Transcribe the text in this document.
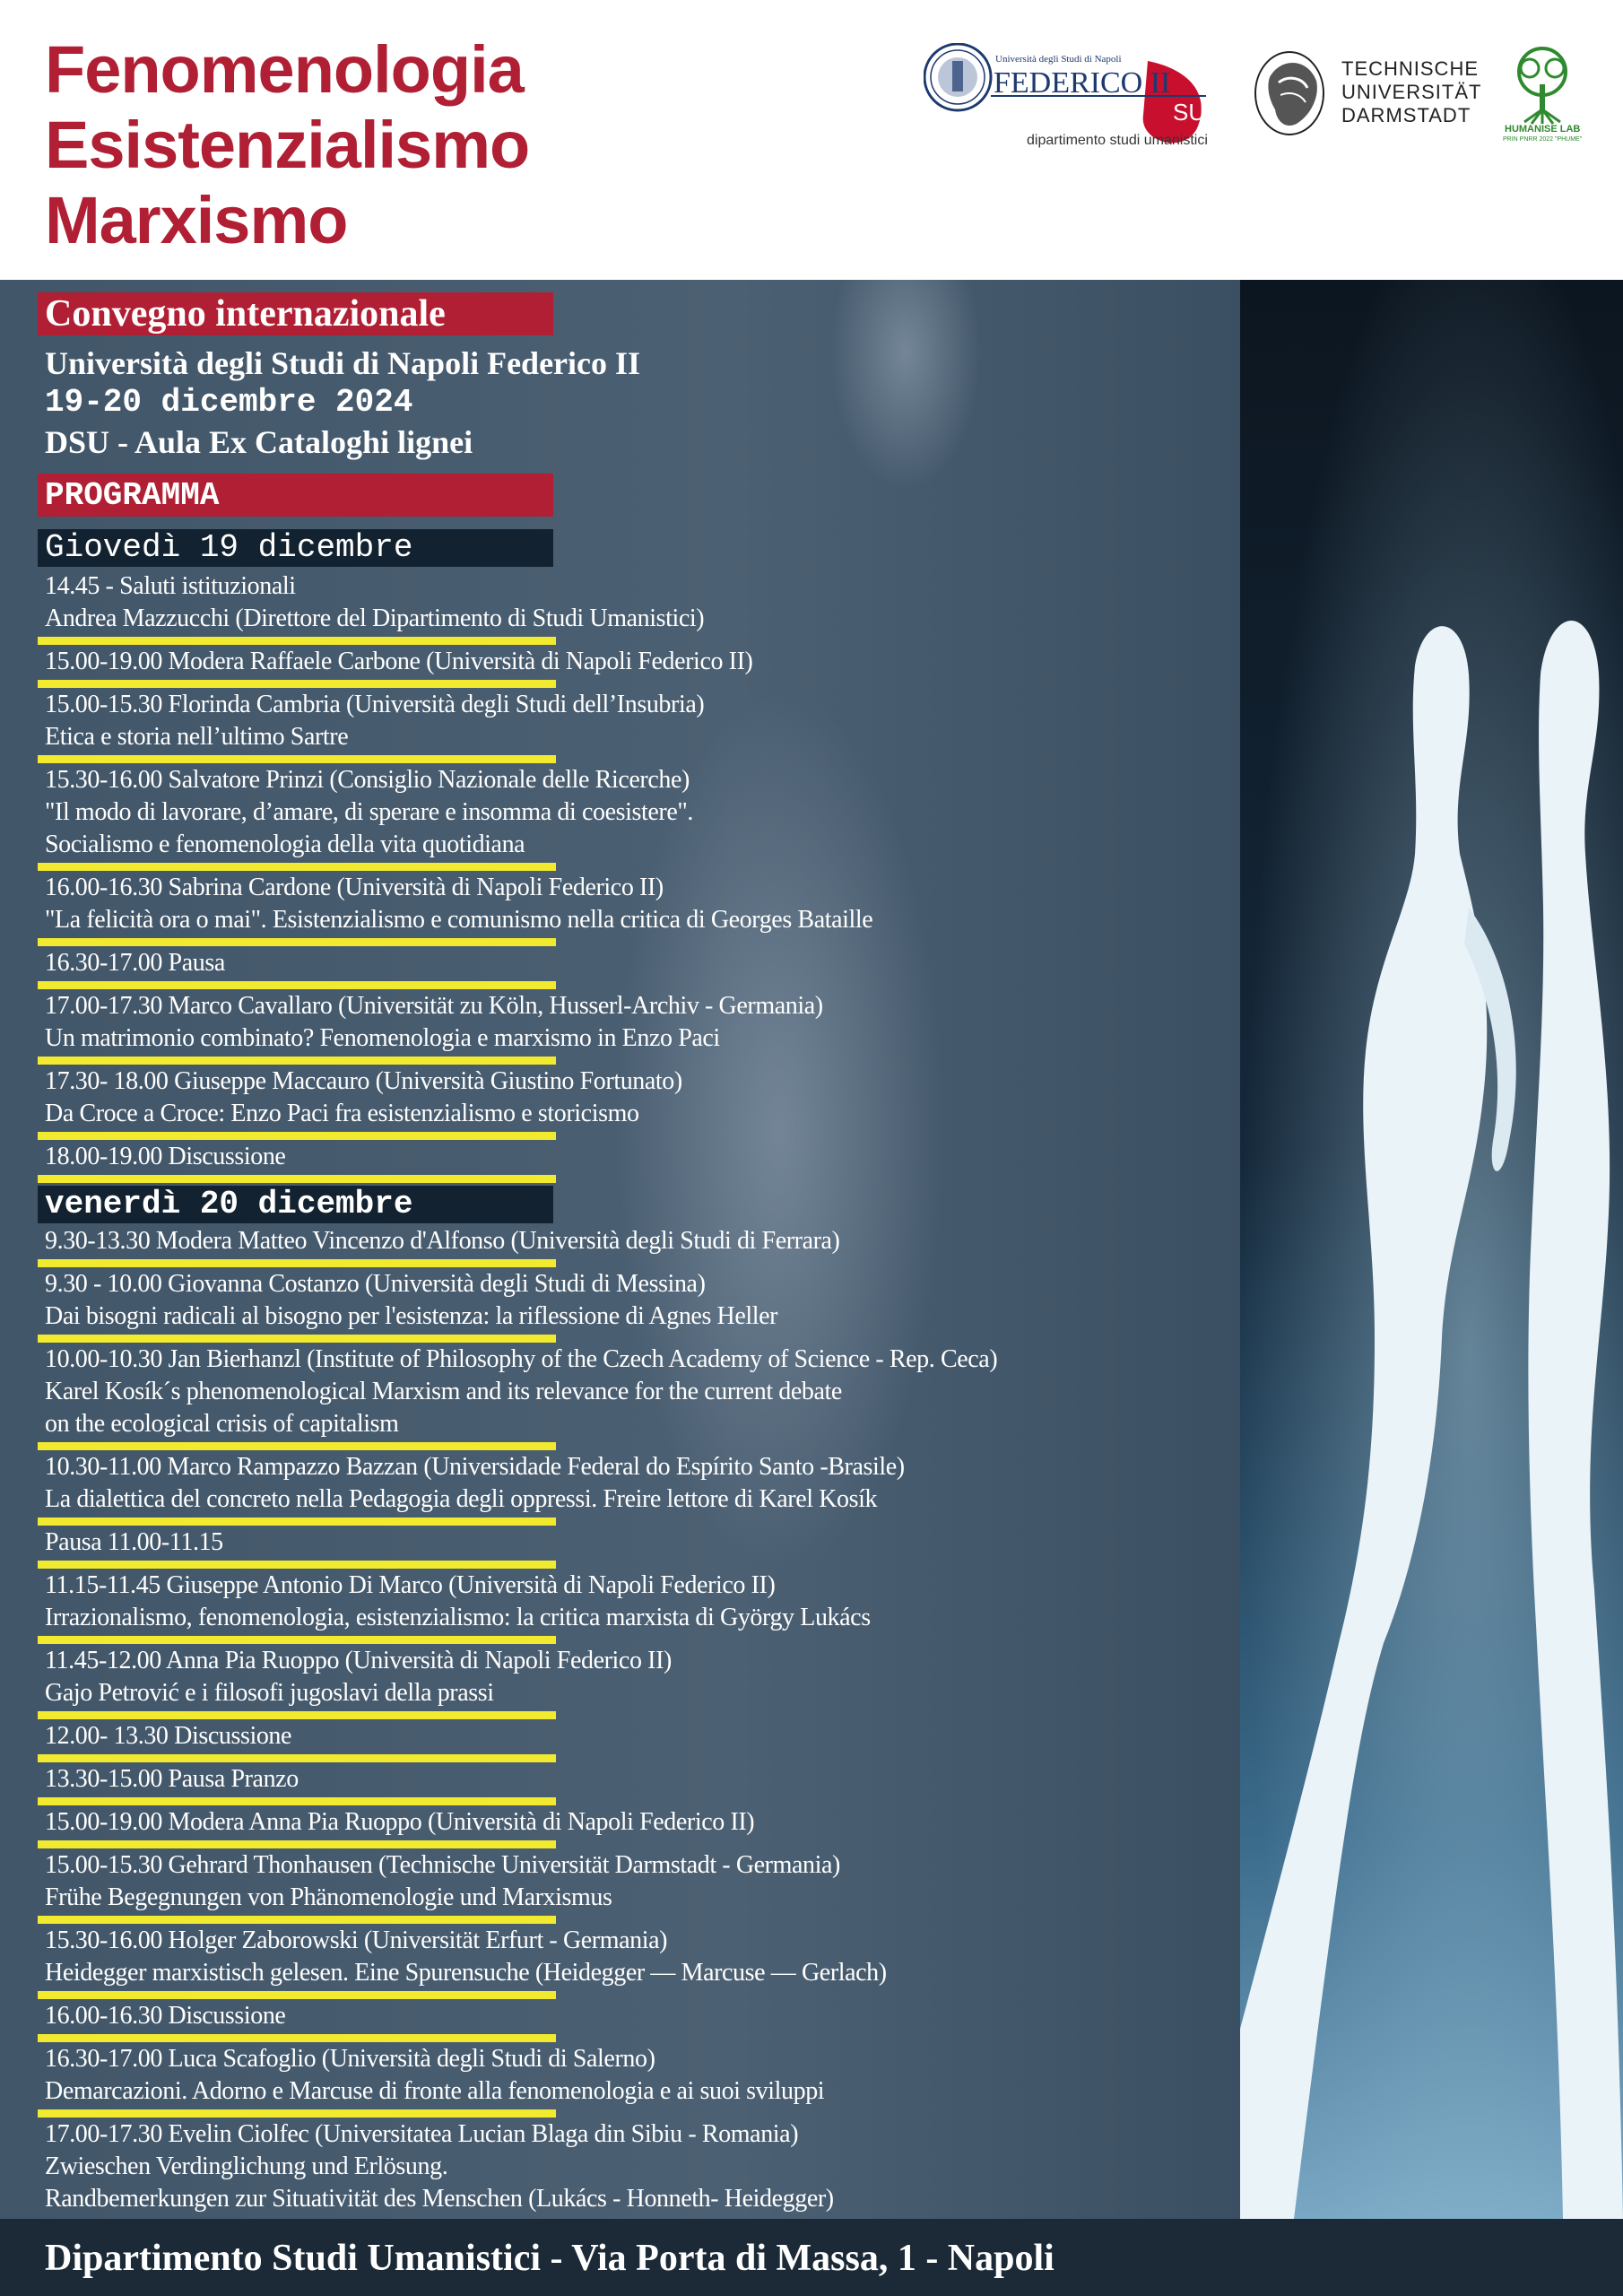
Fenomenologia
Esistenzialismo
Marxismo
Università degli Studi di Napoli
FEDERICO II
SU
dipartimento studi umanistici
TECHNISCHE
UNIVERSITÄT
DARMSTADT
HUMANISE LAB
PRIN PNRR 2022 "PHUME"
Convegno internazionale
Università degli Studi di Napoli Federico II
19-20 dicembre 2024
DSU - Aula Ex Cataloghi lignei
PROGRAMMA
Giovedì 19 dicembre
14.45 - Saluti istituzionali
Andrea Mazzucchi (Direttore del Dipartimento di Studi Umanistici)
15.00-19.00 Modera Raffaele Carbone (Università di Napoli Federico II)
15.00-15.30 Florinda Cambria (Università degli Studi dell’Insubria)
Etica e storia nell’ultimo Sartre
15.30-16.00 Salvatore Prinzi (Consiglio Nazionale delle Ricerche)
"Il modo di lavorare, d’amare, di sperare e insomma di coesistere".
Socialismo e fenomenologia della vita quotidiana
16.00-16.30 Sabrina Cardone (Università di Napoli Federico II)
"La felicità ora o mai". Esistenzialismo e comunismo nella critica di Georges Bataille
16.30-17.00 Pausa
17.00-17.30 Marco Cavallaro (Universität zu Köln, Husserl-Archiv - Germania)
Un matrimonio combinato? Fenomenologia e marxismo in Enzo Paci
17.30- 18.00 Giuseppe Maccauro (Università Giustino Fortunato)
Da Croce a Croce: Enzo Paci fra esistenzialismo e storicismo
18.00-19.00 Discussione
venerdì 20 dicembre
9.30-13.30 Modera Matteo Vincenzo d'Alfonso (Università degli Studi di Ferrara)
9.30 - 10.00 Giovanna Costanzo (Università degli Studi di Messina)
Dai bisogni radicali al bisogno per l'esistenza: la riflessione di Agnes Heller
10.00-10.30 Jan Bierhanzl (Institute of Philosophy of the Czech Academy of Science - Rep. Ceca)
Karel Kosík´s phenomenological Marxism and its relevance for the current debate
on the ecological crisis of capitalism
10.30-11.00 Marco Rampazzo Bazzan (Universidade Federal do Espírito Santo -Brasile)
La dialettica del concreto nella Pedagogia degli oppressi. Freire lettore di Karel Kosík
Pausa 11.00-11.15
11.15-11.45 Giuseppe Antonio Di Marco (Università di Napoli Federico II)
Irrazionalismo, fenomenologia, esistenzialismo: la critica marxista di György Lukács
11.45-12.00 Anna Pia Ruoppo (Università di Napoli Federico II)
Gajo Petrović e i filosofi jugoslavi della prassi
12.00- 13.30 Discussione
13.30-15.00 Pausa Pranzo
15.00-19.00 Modera Anna Pia Ruoppo (Università di Napoli Federico II)
15.00-15.30 Gehrard Thonhausen (Technische Universität Darmstadt - Germania)
Frühe Begegnungen von Phänomenologie und Marxismus
15.30-16.00 Holger Zaborowski (Universität Erfurt - Germania)
Heidegger marxistisch gelesen. Eine Spurensuche (Heidegger — Marcuse — Gerlach)
16.00-16.30 Discussione
16.30-17.00 Luca Scafoglio (Università degli Studi di Salerno)
Demarcazioni. Adorno e Marcuse di fronte alla fenomenologia e ai suoi sviluppi
17.00-17.30 Evelin Ciolfec (Universitatea Lucian Blaga din Sibiu - Romania)
Zwieschen Verdinglichung und Erlösung.
Randbemerkungen zur Situativität des Menschen (Lukács - Honneth- Heidegger)
Dipartimento Studi Umanistici - Via Porta di Massa, 1 - Napoli
